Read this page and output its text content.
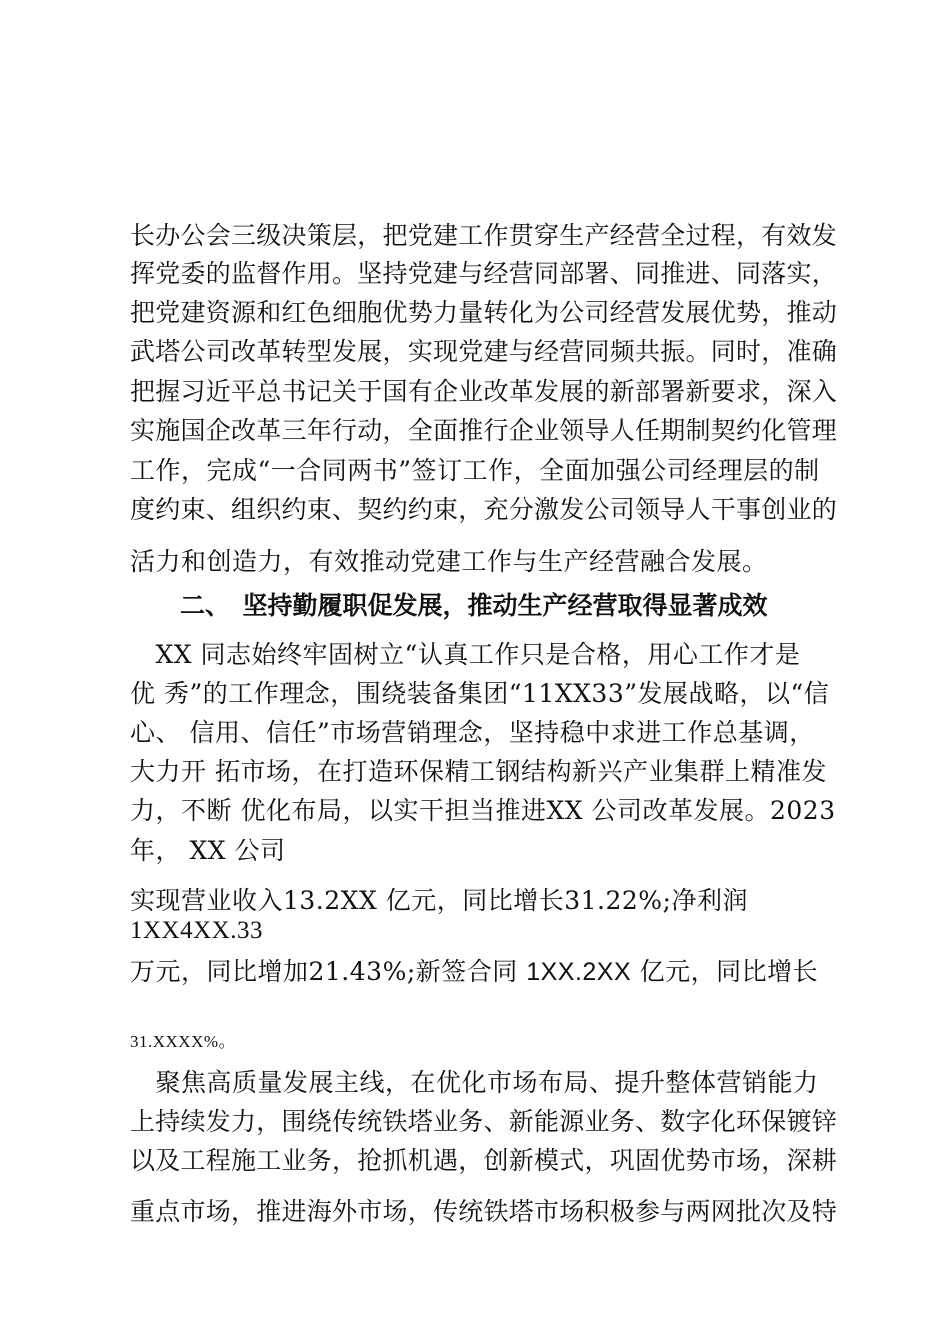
长办公会三级决策层，把党建工作贯穿生产经营全过程，有效发
挥党委的监督作用。坚持党建与经营同部署、同推进、同落实，
把党建资源和红色细胞优势力量转化为公司经营发展优势，推动
武塔公司改革转型发展，实现党建与经营同频共振。同时，准确
把握习近平总书记关于国有企业改革发展的新部署新要求，深入
实施国企改革三年行动，全面推行企业领导人任期制契约化管理
工作，完成“一合同两书”签订工作，全面加强公司经理层的制
度约束、组织约束、契约约束，充分激发公司领导人干事创业的
活力和创造力，有效推动党建工作与生产经营融合发展。
二、　坚持勤履职促发展，推动生产经营取得显著成效
　XX 同志始终牢固树立“认真工作只是合格，用心工作才是
优 秀”的工作理念，围绕装备集团“11XX33”发展战略，以“信
心、 信用、信任”市场营销理念，坚持稳中求进工作总基调，
大力开 拓市场，在打造环保精工钢结构新兴产业集群上精准发
力，不断 优化布局，以实干担当推进XX 公司改革发展。2023
年， XX 公司
实现营业收入13.2XX 亿元，同比增长31.22%;净利润
1XX4XX.33
万元，同比增加21.43%;新签合同 1XX.2XX 亿元，同比增长
31.XXXX%。
　聚焦高质量发展主线，在优化市场布局、提升整体营销能力
上持续发力，围绕传统铁塔业务、新能源业务、数字化环保镀锌
以及工程施工业务，抢抓机遇，创新模式，巩固优势市场，深耕
重点市场，推进海外市场，传统铁塔市场积极参与两网批次及特
